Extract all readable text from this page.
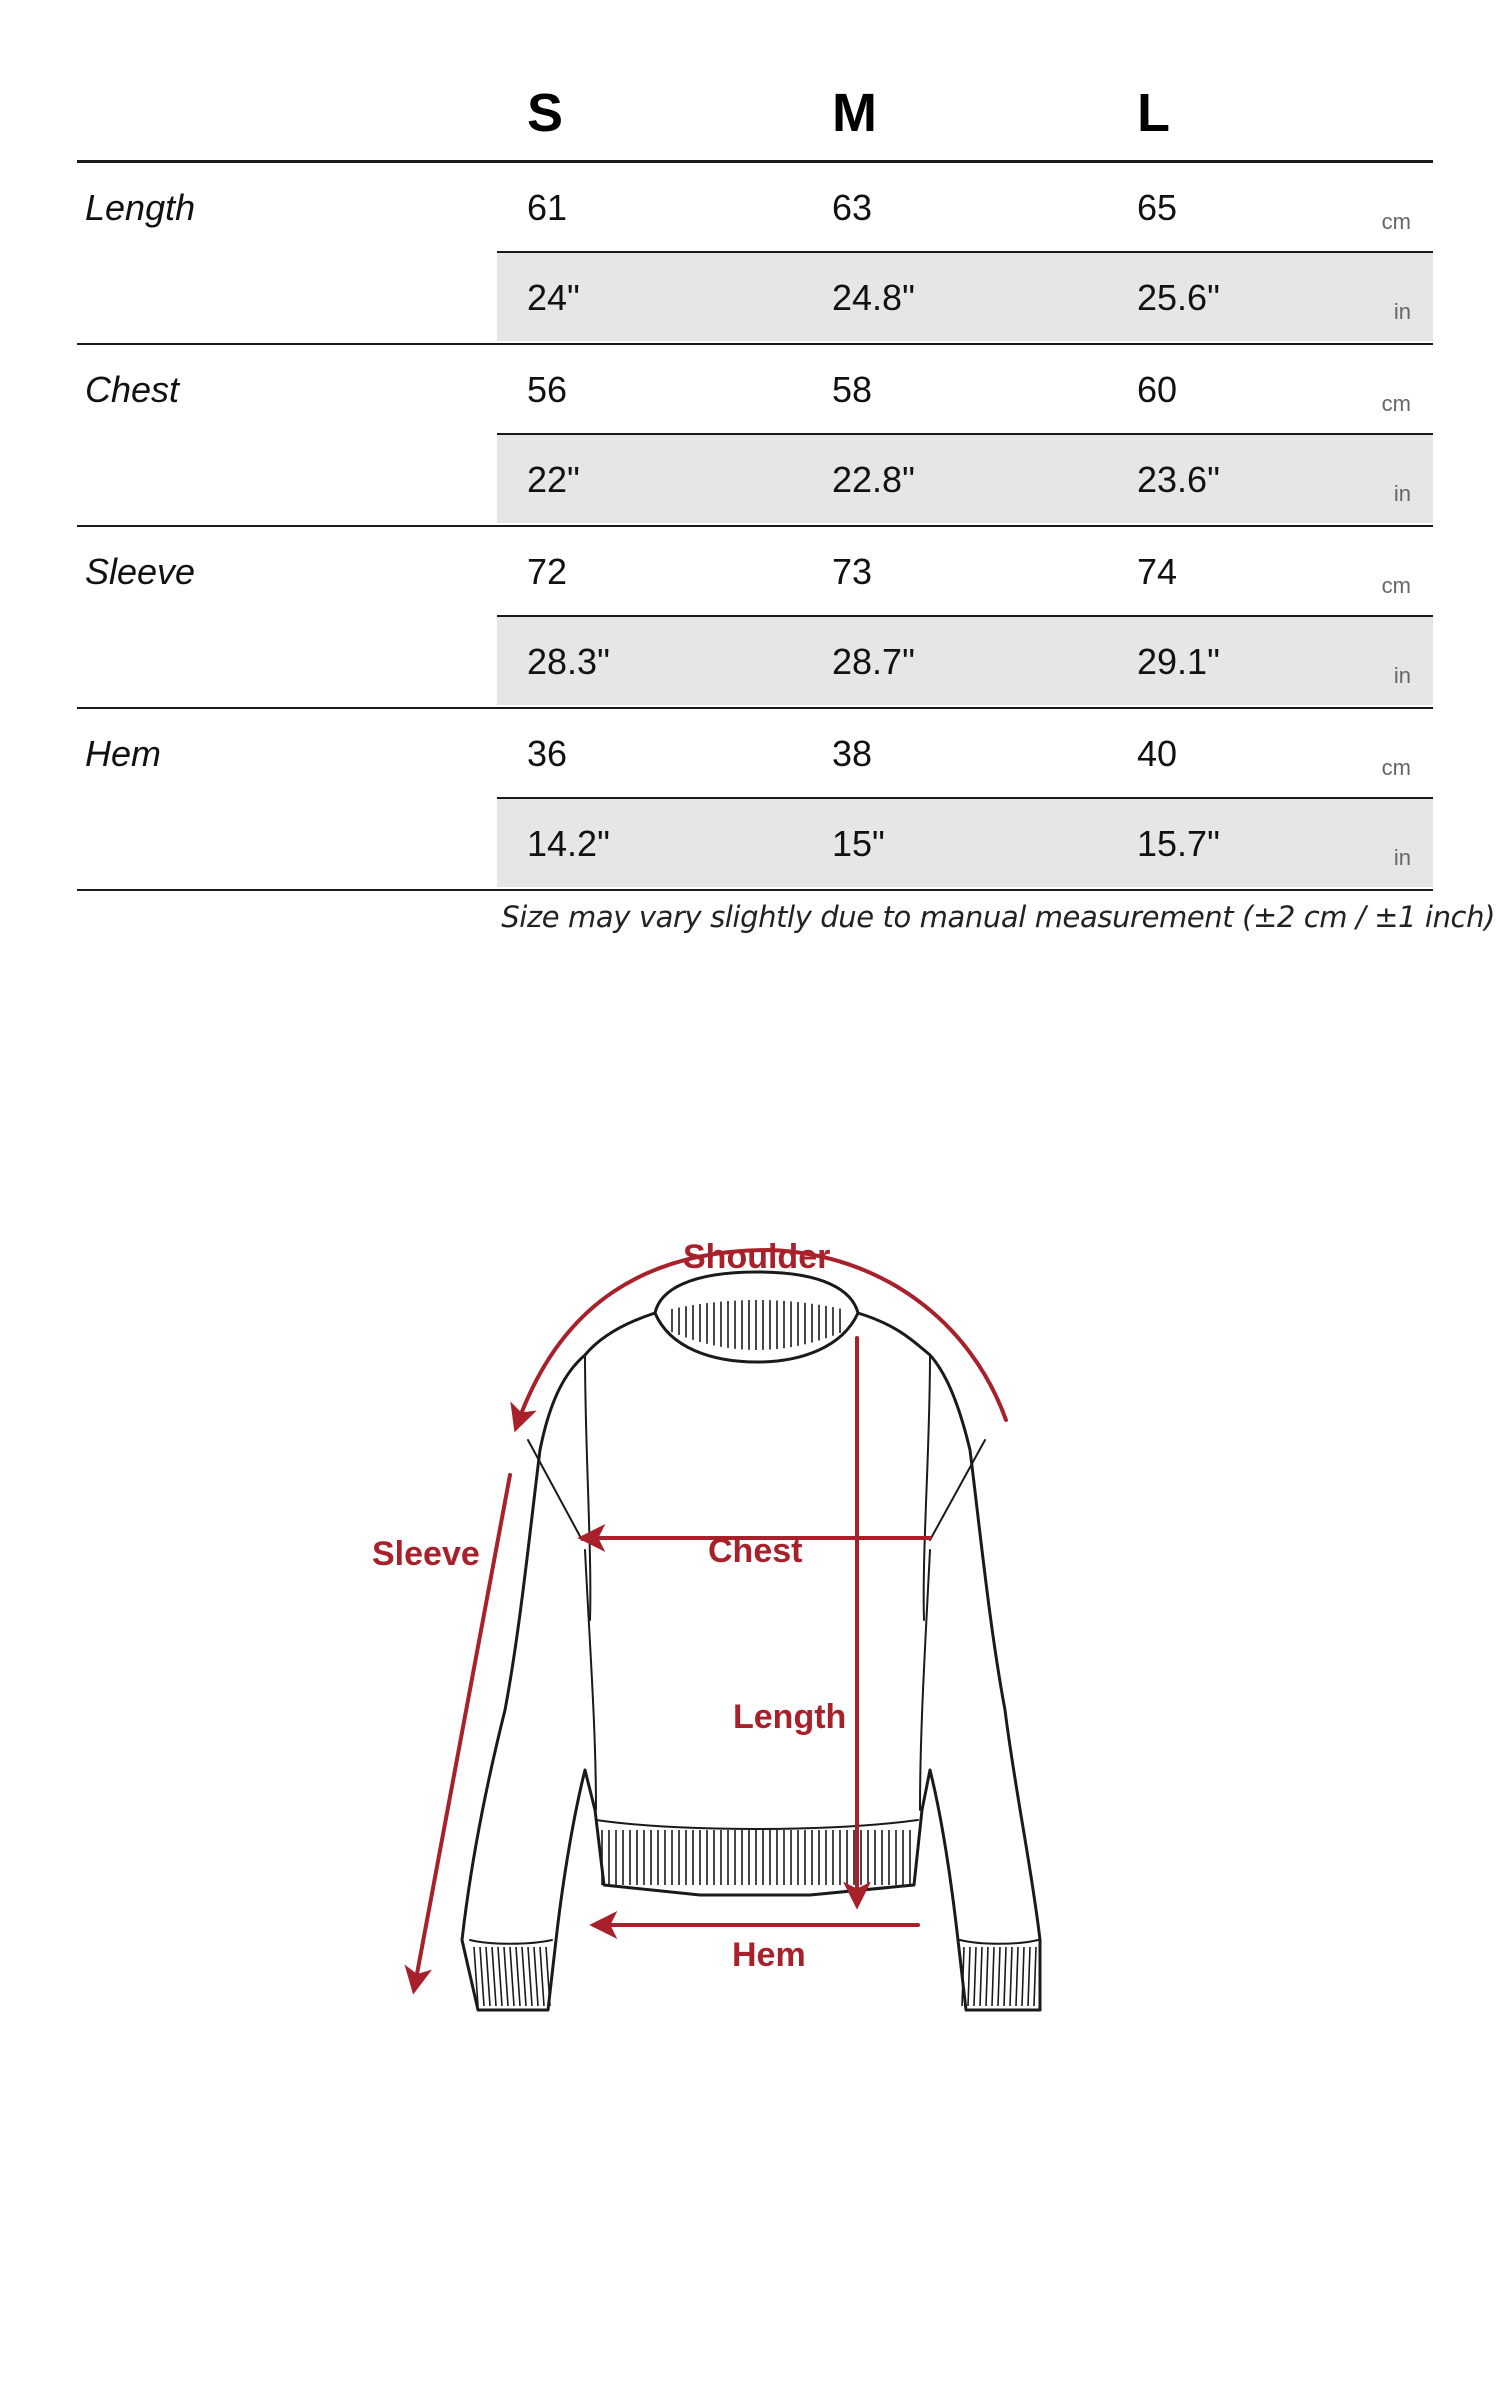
S	M	L
Length	61	63	65	cm
24"	24.8"	25.6"	in
Chest	56	58	60	cm
22"	22.8"	23.6"	in
Sleeve	72	73	74	cm
28.3"	28.7"	29.1"	in
Hem	36	38	40	cm
14.2"	15"	15.7"	in
Size may vary slightly due to manual measurement (±2 cm / ±1 inch)
Shoulder
Sleeve	Chest
Length
Hem
